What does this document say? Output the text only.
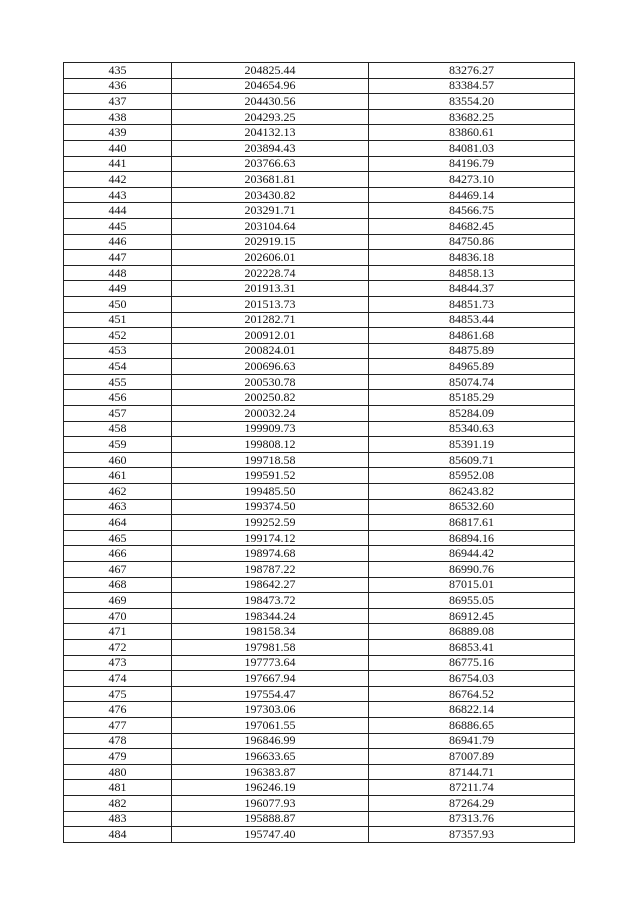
435	204825.44	83276.27
436	204654.96	83384.57
437	204430.56	83554.20
438	204293.25	83682.25
439	204132.13	83860.61
440	203894.43	84081.03
441	203766.63	84196.79
442	203681.81	84273.10
443	203430.82	84469.14
444	203291.71	84566.75
445	203104.64	84682.45
446	202919.15	84750.86
447	202606.01	84836.18
448	202228.74	84858.13
449	201913.31	84844.37
450	201513.73	84851.73
451	201282.71	84853.44
452	200912.01	84861.68
453	200824.01	84875.89
454	200696.63	84965.89
455	200530.78	85074.74
456	200250.82	85185.29
457	200032.24	85284.09
458	199909.73	85340.63
459	199808.12	85391.19
460	199718.58	85609.71
461	199591.52	85952.08
462	199485.50	86243.82
463	199374.50	86532.60
464	199252.59	86817.61
465	199174.12	86894.16
466	198974.68	86944.42
467	198787.22	86990.76
468	198642.27	87015.01
469	198473.72	86955.05
470	198344.24	86912.45
471	198158.34	86889.08
472	197981.58	86853.41
473	197773.64	86775.16
474	197667.94	86754.03
475	197554.47	86764.52
476	197303.06	86822.14
477	197061.55	86886.65
478	196846.99	86941.79
479	196633.65	87007.89
480	196383.87	87144.71
481	196246.19	87211.74
482	196077.93	87264.29
483	195888.87	87313.76
484	195747.40	87357.93
